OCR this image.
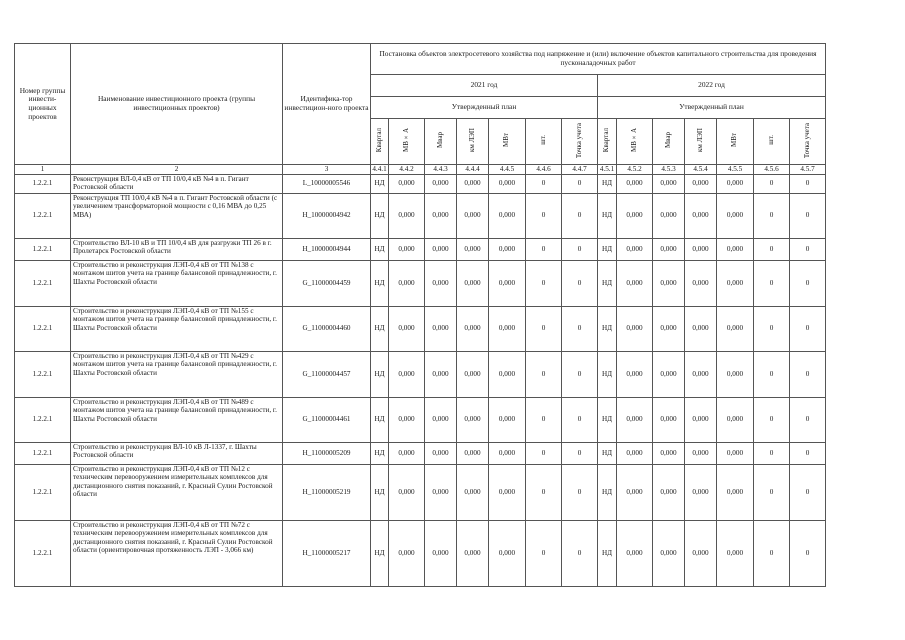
Номер группы инвести-ционных проектов	Наименование инвестиционного проекта (группы инвестиционных проектов)	Идентифика-тор инвестицион-ного проекта	Постановка объектов электросетевого хозяйства под напряжение и (или) включение объектов капитального строительства для проведения пусконаладочных работ													
			2021 год							2022 год						
			Утвержденный план							Утвержденный план						
			Квартал	МВ×А	Мвар	км ЛЭП	МВт	шт.	Точка учета	Квартал	МВ×А	Мвар	км ЛЭП	МВт	шт.	Точка учета
1	2	3	4.4.1	4.4.2	4.4.3	4.4.4	4.4.5	4.4.6	4.4.7	4.5.1	4.5.2	4.5.3	4.5.4	4.5.5	4.5.6	4.5.7
1.2.2.1	Реконструкция ВЛ-0,4 кВ от ТП 10/0,4 кВ №4 в п. Гигант Ростовской области	L_10000005546	НД	0,000	0,000	0,000	0,000	0	0	НД	0,000	0,000	0,000	0,000	0	0
1.2.2.1	Реконструкция ТП 10/0,4 кВ №4 в п. Гигант Ростовской области (с увеличением трансформаторной мощности с 0,16 МВА до 0,25 МВА)	H_10000004942	НД	0,000	0,000	0,000	0,000	0	0	НД	0,000	0,000	0,000	0,000	0	0
1.2.2.1	Строительство ВЛ-10 кВ и ТП 10/0,4 кВ для разгрузки ТП 26 в г. Пролетарск Ростовской области	H_10000004944	НД	0,000	0,000	0,000	0,000	0	0	НД	0,000	0,000	0,000	0,000	0	0
1.2.2.1	Строительство и реконструкция ЛЭП-0,4 кВ от ТП №138 с монтажом шитов учета на границе балансовой принадлежности, г. Шахты Ростовской области	G_11000004459	НД	0,000	0,000	0,000	0,000	0	0	НД	0,000	0,000	0,000	0,000	0	0
1.2.2.1	Строительство и реконструкция ЛЭП-0,4 кВ от ТП №155 с монтажом шитов учета на границе балансовой принадлежности, г. Шахты Ростовской области	G_11000004460	НД	0,000	0,000	0,000	0,000	0	0	НД	0,000	0,000	0,000	0,000	0	0
1.2.2.1	Строительство и реконструкция ЛЭП-0,4 кВ от ТП №429 с монтажом шитов учета на границе балансовой принадлежности, г. Шахты Ростовской области	G_11000004457	НД	0,000	0,000	0,000	0,000	0	0	НД	0,000	0,000	0,000	0,000	0	0
1.2.2.1	Строительство и реконструкция ЛЭП-0,4 кВ от ТП №489 с монтажом шитов учета на границе балансовой принадлежности, г. Шахты Ростовской области	G_11000004461	НД	0,000	0,000	0,000	0,000	0	0	НД	0,000	0,000	0,000	0,000	0	0
1.2.2.1	Строительство и реконструкция ВЛ-10 кВ Л-1337, г. Шахты Ростовской области	H_11000005209	НД	0,000	0,000	0,000	0,000	0	0	НД	0,000	0,000	0,000	0,000	0	0
1.2.2.1	Строительство и реконструкция ЛЭП-0,4 кВ от ТП №12 с техническим перевооружением измерительных комплексов для дистанционного снятия показаний, г. Красный Сулин Ростовской области	H_11000005219	НД	0,000	0,000	0,000	0,000	0	0	НД	0,000	0,000	0,000	0,000	0	0
1.2.2.1	Строительство и реконструкция ЛЭП-0,4 кВ от ТП №72 с техническим перевооружением измерительных комплексов для дистанционного снятия показаний, г. Красный Сулин Ростовской области (ориентировочная протяженность ЛЭП - 3,066 км)	H_11000005217	НД	0,000	0,000	0,000	0,000	0	0	НД	0,000	0,000	0,000	0,000	0	0
